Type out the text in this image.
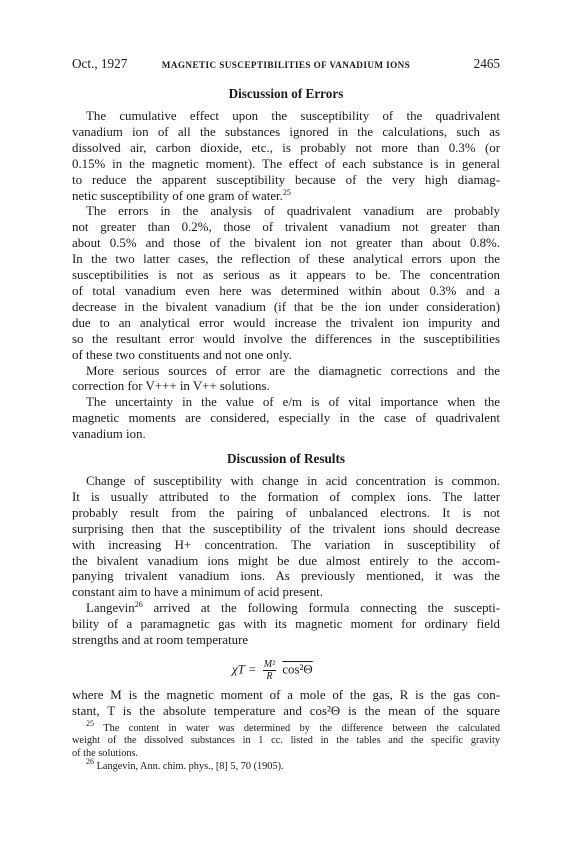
Oct., 1927	MAGNETIC SUSCEPTIBILITIES OF VANADIUM IONS	2465
Discussion of Errors

The cumulative effect upon the susceptibility of the quadrivalent
vanadium ion of all the substances ignored in the calculations, such as
dissolved air, carbon dioxide, etc., is probably not more than 0.3% (or
0.15% in the magnetic moment). The effect of each substance is in general
to reduce the apparent susceptibility because of the very high diamag-
netic susceptibility of one gram of water.$^{25}$

The errors in the analysis of quadrivalent vanadium are probably
not greater than 0.2%, those of trivalent vanadium not greater than
about 0.5% and those of the bivalent ion not greater than about 0.8%.
In the two latter cases, the reflection of these analytical errors upon the
susceptibilities is not as serious as it appears to be. The concentration
of total vanadium even here was determined within about 0.3% and a
decrease in the bivalent vanadium (if that be the ion under consideration)
due to an analytical error would increase the trivalent ion impurity and
so the resultant error would involve the differences in the susceptibilities
of these two constituents and not one only.

More serious sources of error are the diamagnetic corrections and the
correction for V+++ in V++ solutions.

The uncertainty in the value of e/m is of vital importance when the
magnetic moments are considered, especially in the case of quadrivalent
vanadium ion.

Discussion of Results

Change of susceptibility with change in acid concentration is common.
It is usually attributed to the formation of complex ions. The latter
probably result from the pairing of unbalanced electrons. It is not
surprising then that the susceptibility of the trivalent ions should decrease
with increasing H+ concentration. The variation in susceptibility of
the bivalent vanadium ions might be due almost entirely to the accom-
panying trivalent vanadium ions. As previously mentioned, it was the
constant aim to have a minimum of acid present.

Langevin$^{26}$ arrived at the following formula connecting the suscepti-
bility of a paramagnetic gas with its magnetic moment for ordinary field
strengths and at room temperature

$\chi T = \frac{\text{M²}}{R} \cos^2\Theta$

where M is the magnetic moment of a mole of the gas, R is the gas con-
stant, T is the absolute temperature and cos²Θ is the mean of the square

$^{25}$ The content in water was determined by the difference between the calculated
weight of the dissolved substances in 1 cc. listed in the tables and the specific gravity
of the solutions.

$^{26}$ Langevin, Ann. chim. phys., [8] 5, 70 (1905).
